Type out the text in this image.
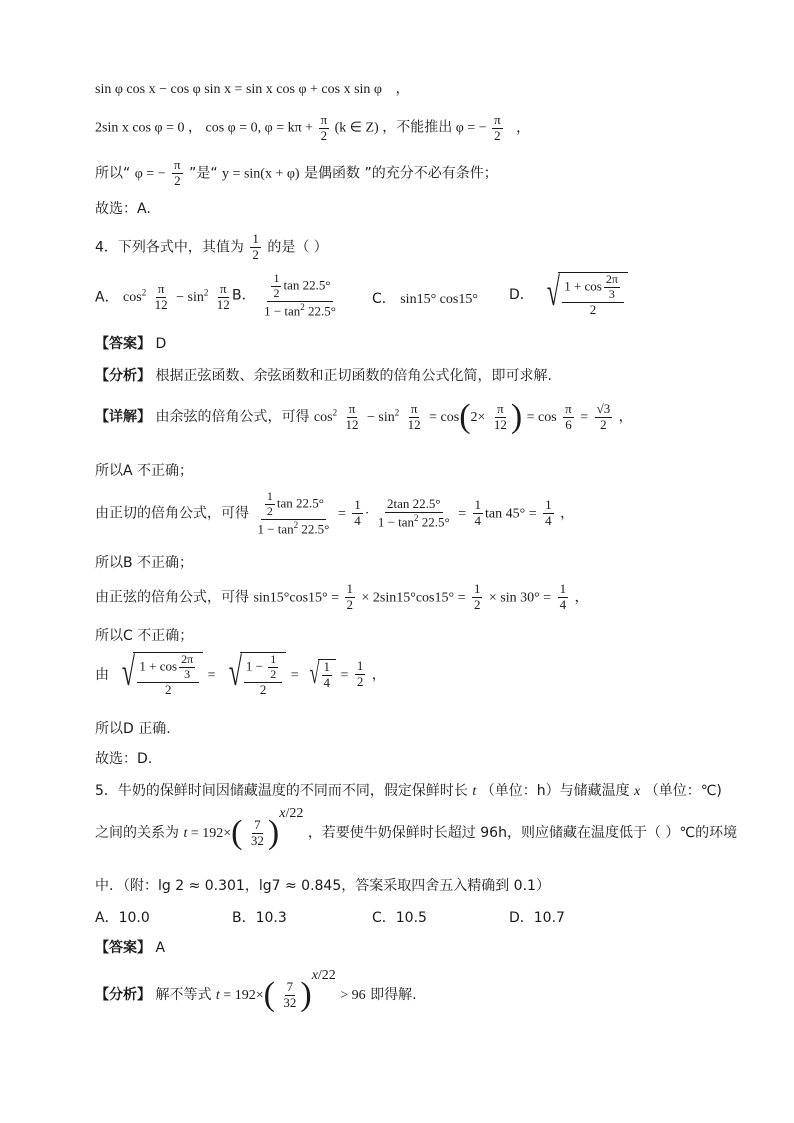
sin φ cos x − cos φ sin x = sin x cos φ + cos x sin φ ，
2sin x cos φ = 0 ， cos φ = 0, $\varphi = k\pi + \frac{\pi}{2} (k$ ∈ Z) ，不能推出 φ = − $\frac{\pi}{2}$ ，
所以“ φ = − $\frac{\pi}{2}$ ”是“ y = sin(x + φ) 是偶函数 ”的充分不必有条件；
故选：A.
4．下列各式中，其值为 $\frac{1}{2}$ 的是（ ）
A． $\cos^2 \frac{\pi}{12} - \sin^2 \frac{\pi}{12}$ B． $\frac{\frac{1}{2} \tan 22.5^\circ}{1 - \tan^2 22.5^\circ}$ C． sin15° cos15° D． √ $\frac{1 + \cos \frac{2\pi}{3}}{2}$
【答案】 D
【分析】 根据正弦函数、余弦函数和正切函数的倍角公式化简，即可求解.
【详解】 由余弦的倍角公式，可得 $\cos^2 \frac{\pi}{12} - \sin^2 \frac{\pi}{12} = \cos(2\times \frac{\pi}{12}$ ) = $\cos \frac{\pi}{6} = \frac{√3}{2}$ ，
所以A 不正确；
由正切的倍角公式，可得 $\frac{\frac{1}{2} \tan 22.5^\circ}{1 - \tan^2 22.5^\circ} = \frac{1}{4} \cdot \frac{2\tan 22.5^\circ}{1 - \tan^2 22.5^\circ} = \frac{1}{4}$ $\tan 45^\circ = \frac{1}{4}$ ，
所以B 不正确；
由正弦的倍角公式，可得 $\sin 15^\circ\cos 15^\circ = \frac{1}{2} \times 2\sin 15^\circ\cos 15^\circ = \frac{1}{2} \times \sin 30^\circ = \frac{1}{4}$ ，
所以C 不正确；
由 √ $\frac{1 + \cos \frac{2\pi}{3}}{2}$ = √ $\frac{1 - \frac{1}{2}}{2}$ = √ $\frac{1}{4} = \frac{1}{2}$ ，
所以D 正确.
故选：D.
5．牛奶的保鲜时间因储藏温度的不同而不同，假定保鲜时长 t （单位：h）与储藏温度 x （单位：℃)
之间的关系为 $t = 192\times( \frac{7}{32} )^{x/22}$ ，若要使牛奶保鲜时长超过 96h，则应储藏在温度低于（ ）℃的环境
中．（附：lg 2 ≈ 0.301，lg7 ≈ 0.845，答案采取四舍五入精确到 0.1）
A．10.0	B．10.3	C．10.5	D．10.7
【答案】 A
【分析】 解不等式 $t = 192\times( \frac{7}{32} )^{x/22} > 96$ 即得解.
